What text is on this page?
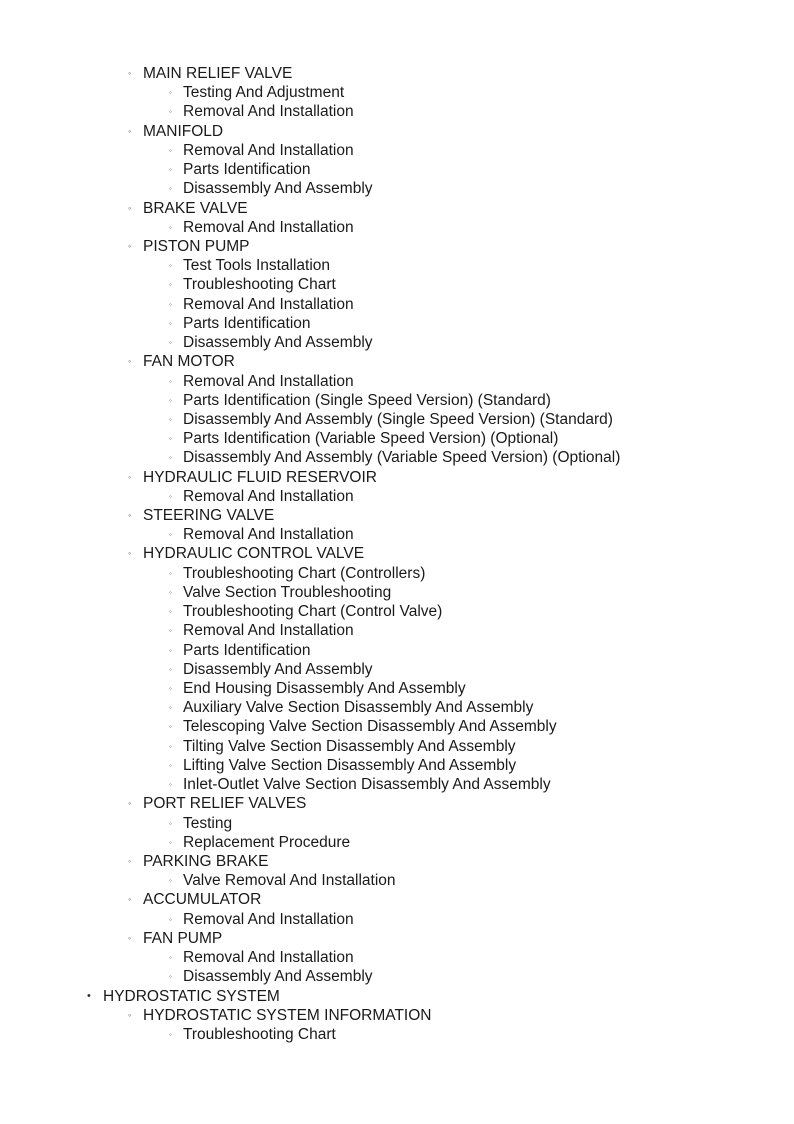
◦ MAIN RELIEF VALVE
◦ Testing And Adjustment
◦ Removal And Installation
◦ MANIFOLD
◦ Removal And Installation
◦ Parts Identification
◦ Disassembly And Assembly
◦ BRAKE VALVE
◦ Removal And Installation
◦ PISTON PUMP
◦ Test Tools Installation
◦ Troubleshooting Chart
◦ Removal And Installation
◦ Parts Identification
◦ Disassembly And Assembly
◦ FAN MOTOR
◦ Removal And Installation
◦ Parts Identification (Single Speed Version) (Standard)
◦ Disassembly And Assembly (Single Speed Version) (Standard)
◦ Parts Identification (Variable Speed Version) (Optional)
◦ Disassembly And Assembly (Variable Speed Version) (Optional)
◦ HYDRAULIC FLUID RESERVOIR
◦ Removal And Installation
◦ STEERING VALVE
◦ Removal And Installation
◦ HYDRAULIC CONTROL VALVE
◦ Troubleshooting Chart (Controllers)
◦ Valve Section Troubleshooting
◦ Troubleshooting Chart (Control Valve)
◦ Removal And Installation
◦ Parts Identification
◦ Disassembly And Assembly
◦ End Housing Disassembly And Assembly
◦ Auxiliary Valve Section Disassembly And Assembly
◦ Telescoping Valve Section Disassembly And Assembly
◦ Tilting Valve Section Disassembly And Assembly
◦ Lifting Valve Section Disassembly And Assembly
◦ Inlet-Outlet Valve Section Disassembly And Assembly
◦ PORT RELIEF VALVES
◦ Testing
◦ Replacement Procedure
◦ PARKING BRAKE
◦ Valve Removal And Installation
◦ ACCUMULATOR
◦ Removal And Installation
◦ FAN PUMP
◦ Removal And Installation
◦ Disassembly And Assembly
• HYDROSTATIC SYSTEM
◦ HYDROSTATIC SYSTEM INFORMATION
◦ Troubleshooting Chart
